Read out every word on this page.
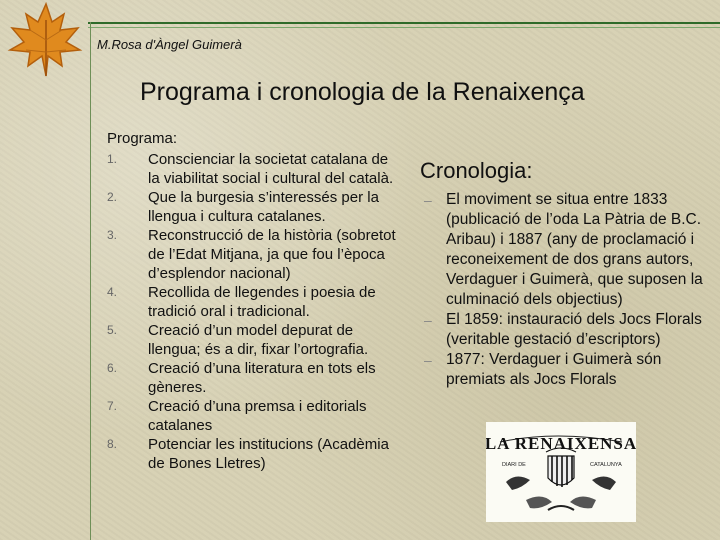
M.Rosa d'Àngel Guimerà
Programa i cronologia de la Renaixença
Programa:
1.	Conscienciar la societat catalana de la viabilitat social i cultural del català.
2.	Que la burgesia s’interessés per la llengua i cultura catalanes.
3.	Reconstrucció de la història (sobretot de l’Edat Mitjana, ja que fou l’època d’esplendor nacional)
4.	Recollida de llegendes i poesia de tradició oral i tradicional.
5.	Creació d’un model depurat de llengua; és a dir, fixar l’ortografia.
6.	Creació d’una literatura en tots els gèneres.
7.	Creació d’una premsa i editorials catalanes
8.	Potenciar les institucions (Acadèmia de Bones Lletres)
Cronologia:
– El moviment se situa entre 1833 (publicació de l’oda La Pàtria de B.C. Aribau) i 1887 (any de proclamació i reconeixement de dos grans autors, Verdaguer i Guimerà, que suposen la culminació dels objectius)
– El 1859: instauració dels Jocs Florals (veritable gestació d’escriptors)
– 1877: Verdaguer i Guimerà són premiats als Jocs Florals
LA RENAIXENSA
DIARI DE	CATALUNYA
